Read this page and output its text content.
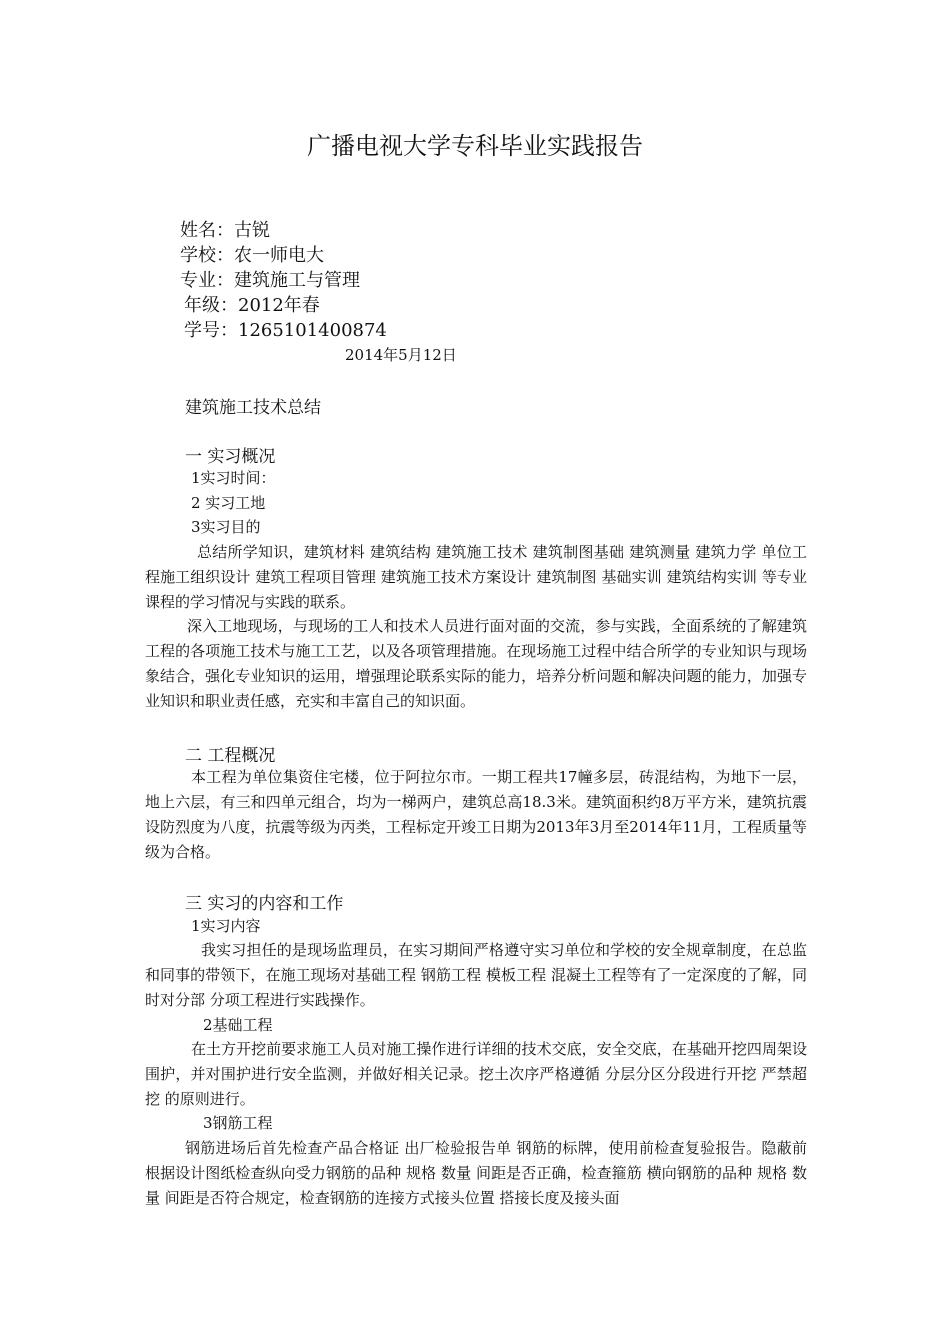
广播电视大学专科毕业实践报告
姓名：古锐
学校：农一师电大
专业：建筑施工与管理
年级：2012年春
学号：1265101400874
2014年5月12日
建筑施工技术总结
一 实习概况
1实习时间：
2 实习工地
3实习目的
总结所学知识，建筑材料 建筑结构 建筑施工技术 建筑制图基础 建筑测量 建筑力学 单位工程施工组织设计 建筑工程项目管理 建筑施工技术方案设计 建筑制图 基础实训 建筑结构实训 等专业课程的学习情况与实践的联系。
深入工地现场，与现场的工人和技术人员进行面对面的交流，参与实践，全面系统的了解建筑工程的各项施工技术与施工工艺，以及各项管理措施。在现场施工过程中结合所学的专业知识与现场象结合，强化专业知识的运用，增强理论联系实际的能力，培养分析问题和解决问题的能力，加强专业知识和职业责任感，充实和丰富自己的知识面。
二 工程概况
本工程为单位集资住宅楼，位于阿拉尔市。一期工程共17幢多层，砖混结构，为地下一层，地上六层，有三和四单元组合，均为一梯两户，建筑总高18.3米。建筑面积约8万平方米，建筑抗震设防烈度为八度，抗震等级为丙类，工程标定开竣工日期为2013年3月至2014年11月，工程质量等级为合格。
三 实习的内容和工作
1实习内容
我实习担任的是现场监理员，在实习期间严格遵守实习单位和学校的安全规章制度，在总监和同事的带领下，在施工现场对基础工程 钢筋工程 模板工程 混凝土工程等有了一定深度的了解，同时对分部 分项工程进行实践操作。
2基础工程
在土方开挖前要求施工人员对施工操作进行详细的技术交底，安全交底，在基础开挖四周架设围护，并对围护进行安全监测，并做好相关记录。挖土次序严格遵循 分层分区分段进行开挖 严禁超挖 的原则进行。
3钢筋工程
钢筋进场后首先检查产品合格证 出厂检验报告单 钢筋的标牌，使用前检查复验报告。隐蔽前根据设计图纸检查纵向受力钢筋的品种 规格 数量 间距是否正确，检查箍筋 横向钢筋的品种 规格 数量 间距是否符合规定，检查钢筋的连接方式接头位置 搭接长度及接头面
